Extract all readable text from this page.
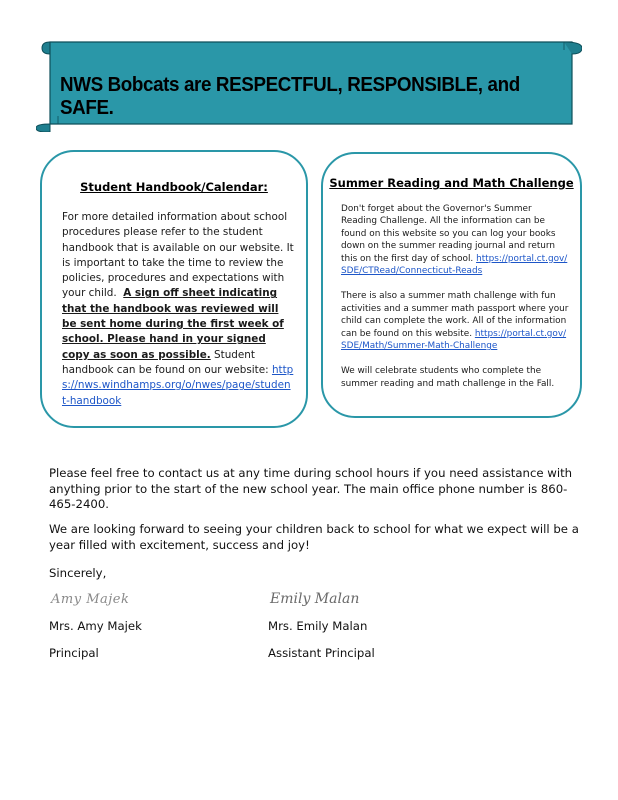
NWS Bobcats are RESPECTFUL, RESPONSIBLE, and SAFE.
Student Handbook/Calendar:
For more detailed information about school procedures please refer to the student handbook that is available on our website. It is important to take the time to review the policies, procedures and expectations with your child. A sign off sheet indicating that the handbook was reviewed will be sent home during the first week of school. Please hand in your signed copy as soon as possible. Student handbook can be found on our website: https://nws.windhamps.org/o/nwes/page/student-handbook
Summer Reading and Math Challenge

Don't forget about the Governor's Summer Reading Challenge. All the information can be found on this website so you can log your books down on the summer reading journal and return this on the first day of school. https://portal.ct.gov/SDE/CTRead/Connecticut-Reads

There is also a summer math challenge with fun activities and a summer math passport where your child can complete the work. All of the information can be found on this website. https://portal.ct.gov/SDE/Math/Summer-Math-Challenge

We will celebrate students who complete the summer reading and math challenge in the Fall.

Please feel free to contact us at any time during school hours if you need assistance with anything prior to the start of the new school year. The main office phone number is 860-465-2400.
We are looking forward to seeing your children back to school for what we expect will be a year filled with excitement, success and joy!
Sincerely,
Amy Majek	Emily Malan
Mrs. Amy Majek	Mrs. Emily Malan
Principal	Assistant Principal
